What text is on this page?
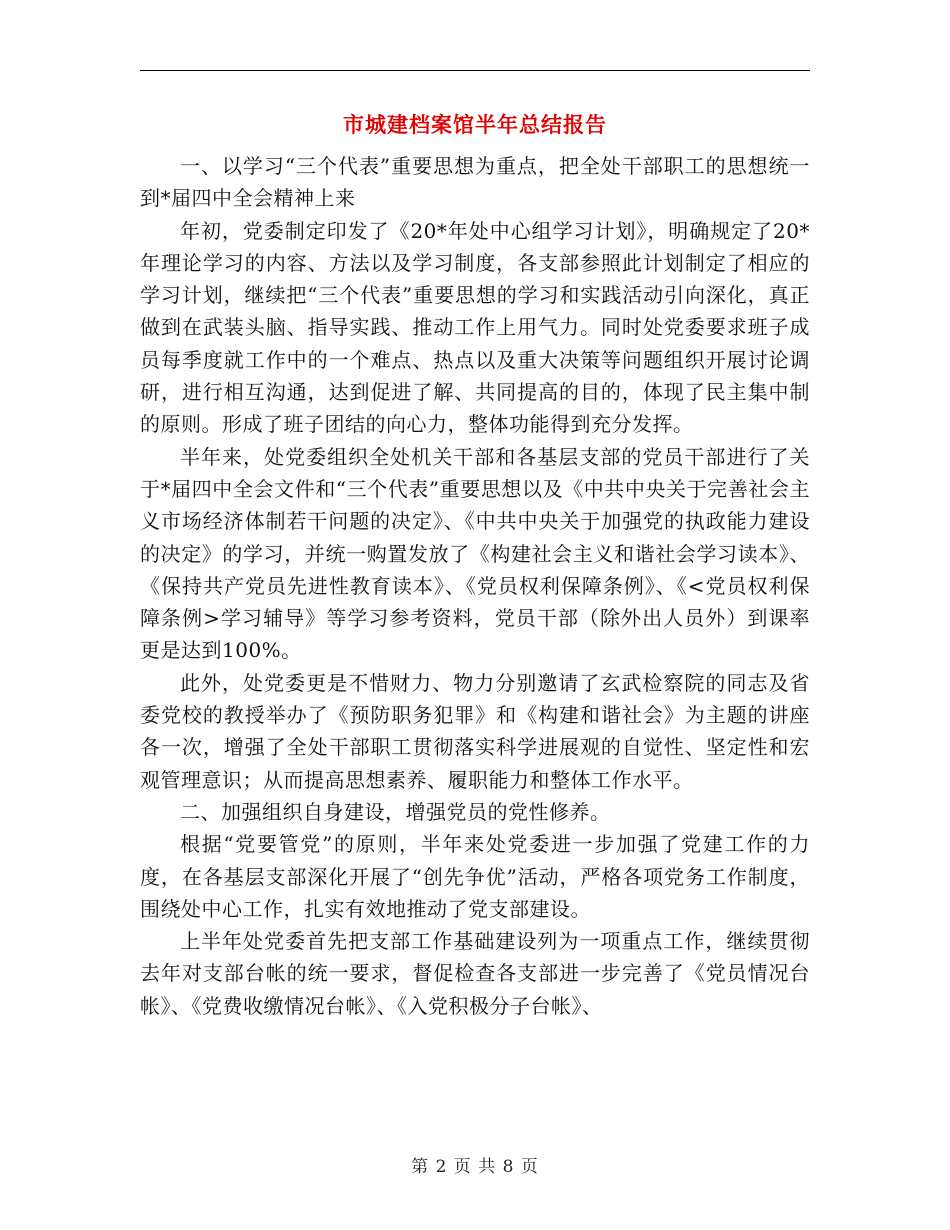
市城建档案馆半年总结报告

一、以学习“三个代表”重要思想为重点，把全处干部职工的思想统一到*届四中全会精神上来

年初，党委制定印发了《20*年处中心组学习计划》，明确规定了20*年理论学习的内容、方法以及学习制度，各支部参照此计划制定了相应的学习计划，继续把“三个代表”重要思想的学习和实践活动引向深化，真正做到在武装头脑、指导实践、推动工作上用气力。同时处党委要求班子成员每季度就工作中的一个难点、热点以及重大决策等问题组织开展讨论调研，进行相互沟通，达到促进了解、共同提高的目的，体现了民主集中制的原则。形成了班子团结的向心力，整体功能得到充分发挥。

半年来，处党委组织全处机关干部和各基层支部的党员干部进行了关于*届四中全会文件和“三个代表”重要思想以及《中共中央关于完善社会主义市场经济体制若干问题的决定》、《中共中央关于加强党的执政能力建设的决定》的学习，并统一购置发放了《构建社会主义和谐社会学习读本》、《保持共产党员先进性教育读本》、《党员权利保障条例》、《<党员权利保障条例>学习辅导》等学习参考资料，党员干部（除外出人员外）到课率更是达到100%。

此外，处党委更是不惜财力、物力分别邀请了玄武检察院的同志及省委党校的教授举办了《预防职务犯罪》和《构建和谐社会》为主题的讲座各一次，增强了全处干部职工贯彻落实科学进展观的自觉性、坚定性和宏观管理意识；从而提高思想素养、履职能力和整体工作水平。

二、加强组织自身建设，增强党员的党性修养。

根据“党要管党”的原则，半年来处党委进一步加强了党建工作的力度，在各基层支部深化开展了“创先争优”活动，严格各项党务工作制度，围绕处中心工作，扎实有效地推动了党支部建设。

上半年处党委首先把支部工作基础建设列为一项重点工作，继续贯彻去年对支部台帐的统一要求，督促检查各支部进一步完善了《党员情况台帐》、《党费收缴情况台帐》、《入党积极分子台帐》、

第 2 页 共 8 页
